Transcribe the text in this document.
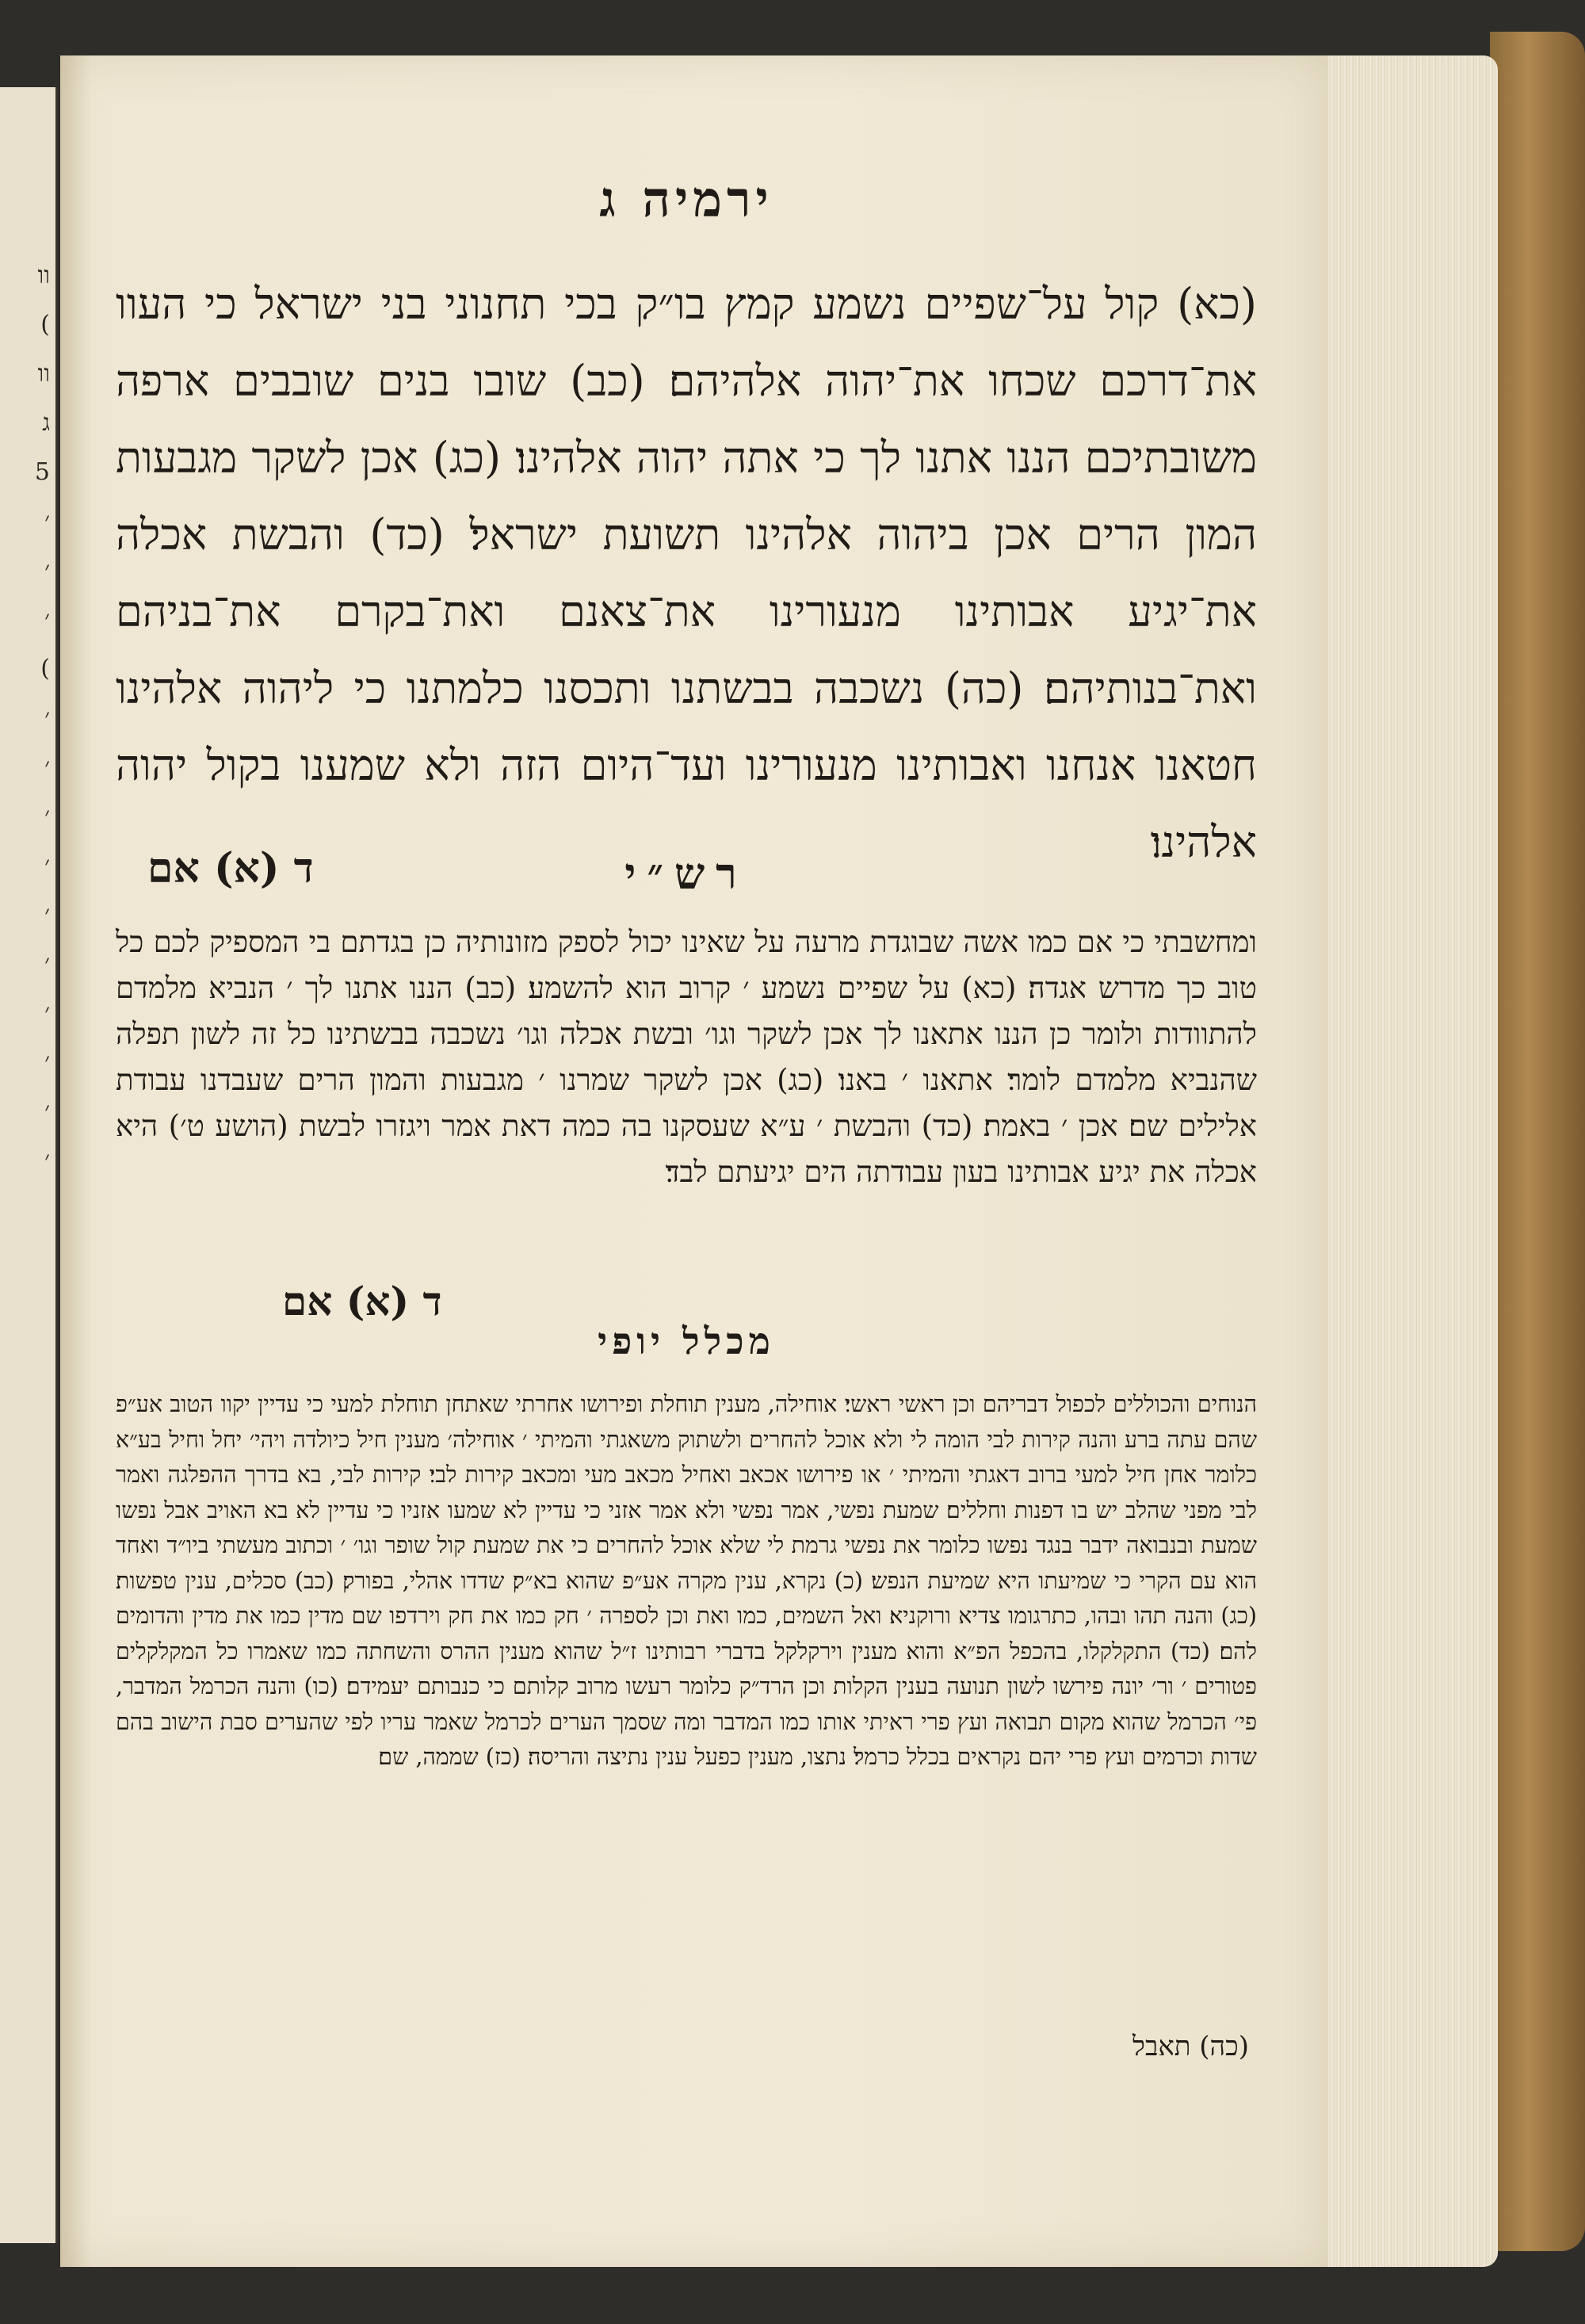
וו
(
וו
ג
5
׳
׳
׳
(
׳
׳
׳
׳
׳
׳
׳
׳
׳
׳
ירמיה ג
(כא) קול על־שפיים נשמע קמץ בו״ק בכי תחנוני בני ישראל כי העוו את־דרכם שכחו את־יהוה אלהיהם׃ (כב) שובו בנים שובבים ארפה משובתיכם הננו אתנו לך כי אתה יהוה אלהינו׃ (כג) אכן לשקר מגבעות המון הרים אכן ביהוה אלהינו תשועת ישראל׃ (כד) והבשת אכלה את־יגיע אבותינו מנעורינו את־צאנם ואת־בקרם את־בניהם ואת־בנותיהם׃ (כה) נשכבה בבשתנו ותכסנו כלמתנו כי ליהוה אלהינו חטאנו אנחנו ואבותינו מנעורינו ועד־היום הזה ולא שמענו בקול יהוה אלהינו׃
ד (א) אם	רש״י
ומחשבתי כי אם כמו אשה שבוגדת מרעה על שאינו יכול לספק מזונותיה כן בגדתם בי המספיק לכם כל טוב כך מדרש אגדה׃ (כא) על שפיים נשמע ׳ קרוב הוא להשמע׃ (כב) הננו אתנו לך ׳ הנביא מלמדם להתוודות ולומר כן הננו אתאנו לך אכן לשקר וגו׳ ובשת אכלה וגו׳ נשכבה בבשתינו כל זה לשון תפלה שהנביא מלמדם לומר׃ אתאנו ׳ באנו׃ (כג) אכן לשקר שמרנו ׳ מגבעות והמון הרים שעבדנו עבודת אלילים שם׃ אכן ׳ באמת׃ (כד) והבשת ׳ ע״א שעסקנו בה כמה דאת אמר ויגזרו לבשת (הושע ט׳) היא אכלה את יגיע אבותינו בעון עבודתה הים יגיעתם לבד׃
ד (א) אם
מכלל יופי
הנוחים והכוללים לכפול דבריהם וכן ראשי ראשי׃ אוחילה, מענין תוחלת ופירושו אחרתי שאתחן תוחלת למעי כי עדיין יקוו הטוב אע״פ שהם עתה ברע והנה קירות לבי הומה לי ולא אוכל להחרים ולשתוק משאגתי והמיתי ׳ אוחילה׳ מענין חיל כיולדה ויהי׳ יחל וחיל בע״א כלומר אחן חיל למעי ברוב דאגתי והמיתי ׳ או פירושו אכאב ואחיל מכאב מעי ומכאב קירות לבי׃ קירות לבי, בא בדרך ההפלגה ואמר לבי מפני שהלב יש בו דפנות וחללים׃ שמעת נפשי, אמר נפשי ולא אמר אזני כי עדיין לא שמעו אזניו כי עדיין לא בא האויב אבל נפשו שמעת ובנבואה ידבר בנגד נפשו כלומר את נפשי גרמת לי שלא אוכל להחרים כי את שמעת קול שופר וגו׳ ׳ וכתוב מעשתי ביו״ד ואחד הוא עם הקרי כי שמיעתו היא שמיעת הנפש׃ (כ) נקרא, ענין מקרה אע״פ שהוא בא״ק׃ שדדו אהלי, בפורק׃ (כב) סכלים, ענין טפשות׃ (כג) והנה תהו ובהו, כתרגומו צדיא ורוקניא׃ ואל השמים, כמו ואת וכן לספרה ׳ חק כמו את חק וירדפו שם מדין כמו את מדין והדומים להם׃ (כד) התקלקלו, בהכפל הפ״א והוא מענין וירקלקל בדברי רבותינו ז״ל שהוא מענין ההרס והשחתה כמו שאמרו כל המקלקלים פטורים ׳ ור׳ יונה פירשו לשון תנועה בענין הקלות וכן הרד״ק כלומר רעשו מרוב קלותם כי כנבותם יעמידם׃ (כו) והנה הכרמל המדבר, פי׳ הכרמל שהוא מקום תבואה ועץ פרי ראיתי אותו כמו המדבר ומה שסמך הערים לכרמל שאמר עריו לפי שהערים סבת הישוב בהם שדות וכרמים ועץ פרי יהם נקראים בכלל כרמל׃ נתצו, מענין כפעל ענין נתיצה והריסה׃ (כז) שממה, שם׃
(כה) תאבל
